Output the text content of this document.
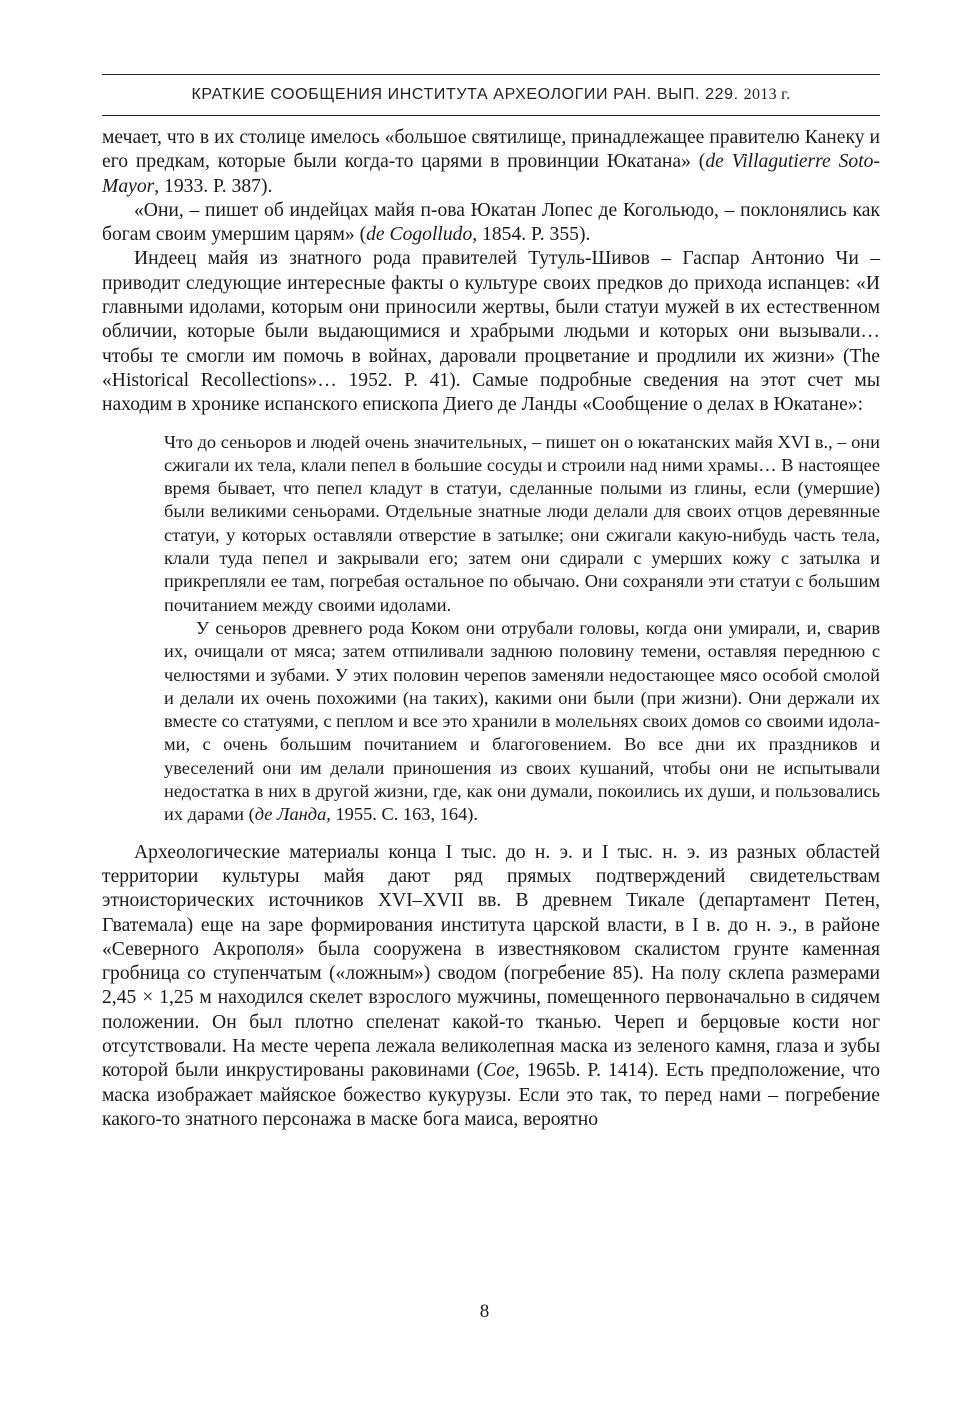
КРАТКИЕ СООБЩЕНИЯ ИНСТИТУТА АРХЕОЛОГИИ РАН. ВЫП. 229. 2013 г.

мечает, что в их столице имелось «большое святилище, принадлежащее правителю Канеку и его предкам, которые были когда-то царями в провинции Юкатана» (de Villagutierre Soto-Mayor, 1933. P. 387).

«Они, – пишет об индейцах майя п-ова Юкатан Лопес де Когольюдо, – поклонялись как богам своим умершим царям» (de Cogolludo, 1854. P. 355).

Индеец майя из знатного рода правителей Тутуль-Шивов – Гаспар Антонио Чи – приводит следующие интересные факты о культуре своих предков до прихода испанцев: «И главными идолами, которым они приносили жертвы, были статуи мужей в их естественном обличии, которые были выдающимися и храбрыми людьми и которых они вызывали… чтобы те смогли им помочь в войнах, даровали процветание и продлили их жизни» (The «Historical Recollections»… 1952. P. 41). Самые подробные сведения на этот счет мы находим в хронике испанского епископа Диего де Ланды «Сообщение о делах в Юкатане»:

Что до сеньоров и людей очень значительных, – пишет он о юкатанских майя XVI в., – они сжигали их тела, клали пепел в большие сосуды и строили над ними храмы… В настоящее время бывает, что пепел кладут в статуи, сделанные полыми из глины, если (умершие) были великими сеньорами. Отдельные знатные люди делали для своих отцов деревянные статуи, у которых оставляли отверстие в затылке; они сжигали какую-нибудь часть тела, клали туда пепел и закрывали его; затем они сдирали с умерших кожу с затылка и прикрепляли ее там, погребая остальное по обычаю. Они сохраняли эти статуи с большим почитанием между своими идолами.

У сеньоров древнего рода Коком они отрубали головы, когда они умирали, и, сварив их, очищали от мяса; затем отпиливали заднюю половину темени, оставляя переднюю с челюстями и зубами. У этих половин черепов заменяли недостающее мясо особой смолой и делали их очень похожими (на таких), какими они были (при жизни). Они держали их вместе со статуями, с пеплом и все это хранили в молельнях своих домов со своими идолами, с очень большим почитанием и благоговением. Во все дни их праздников и увеселений они им делали приношения из своих кушаний, чтобы они не испытывали недостатка в них в другой жизни, где, как они думали, покоились их души, и пользовались их дарами (де Ланда, 1955. С. 163, 164).

Археологические материалы конца I тыс. до н. э. и I тыс. н. э. из разных областей территории культуры майя дают ряд прямых подтверждений свидетельствам этноисторических источников XVI–XVII вв. В древнем Тикале (департамент Петен, Гватемала) еще на заре формирования института царской власти, в I в. до н. э., в районе «Северного Акрополя» была сооружена в известняковом скалистом грунте каменная гробница со ступенчатым («ложным») сводом (погребение 85). На полу склепа размерами 2,45 × 1,25 м находился скелет взрослого мужчины, помещенного первоначально в сидячем положении. Он был плотно спеленат какой-то тканью. Череп и берцовые кости ног отсутствовали. На месте черепа лежала великолепная маска из зеленого камня, глаза и зубы которой были инкрустированы раковинами (Coe, 1965b. P. 1414). Есть предположение, что маска изображает майяское божество кукурузы. Если это так, то перед нами – погребение какого-то знатного персонажа в маске бога маиса, вероятно

8
